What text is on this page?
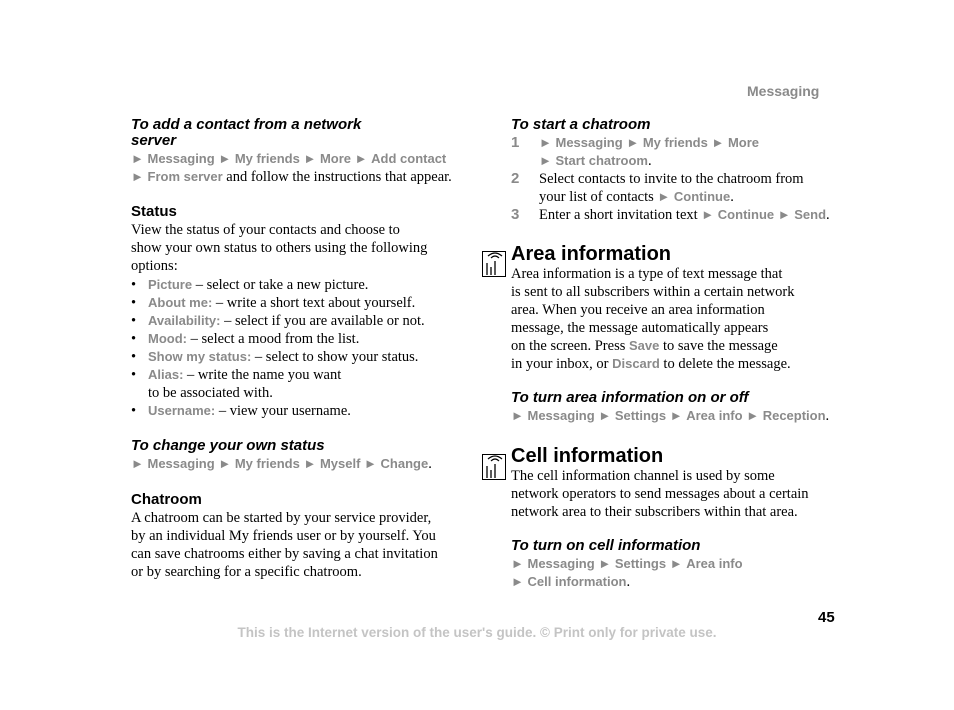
Messaging
To add a contact from a network
server
► Messaging ► My friends ► More ► Add contact
► From server and follow the instructions that appear.
Status
View the status of your contacts and choose to
show your own status to others using the following
options:
• Picture – select or take a new picture.
• About me: – write a short text about yourself.
• Availability: – select if you are available or not.
• Mood: – select a mood from the list.
• Show my status: – select to show your status.
• Alias: – write the name you want
to be associated with.
• Username: – view your username.
To change your own status
► Messaging ► My friends ► Myself ► Change.
Chatroom
A chatroom can be started by your service provider,
by an individual My friends user or by yourself. You
can save chatrooms either by saving a chat invitation
or by searching for a specific chatroom.
To start a chatroom
1 ► Messaging ► My friends ► More
► Start chatroom.
2 Select contacts to invite to the chatroom from
your list of contacts ► Continue.
3 Enter a short invitation text ► Continue ► Send.
Area information
Area information is a type of text message that
is sent to all subscribers within a certain network
area. When you receive an area information
message, the message automatically appears
on the screen. Press Save to save the message
in your inbox, or Discard to delete the message.
To turn area information on or off
► Messaging ► Settings ► Area info ► Reception.
Cell information
The cell information channel is used by some
network operators to send messages about a certain
network area to their subscribers within that area.
To turn on cell information
► Messaging ► Settings ► Area info
► Cell information.
45
This is the Internet version of the user's guide. © Print only for private use.
